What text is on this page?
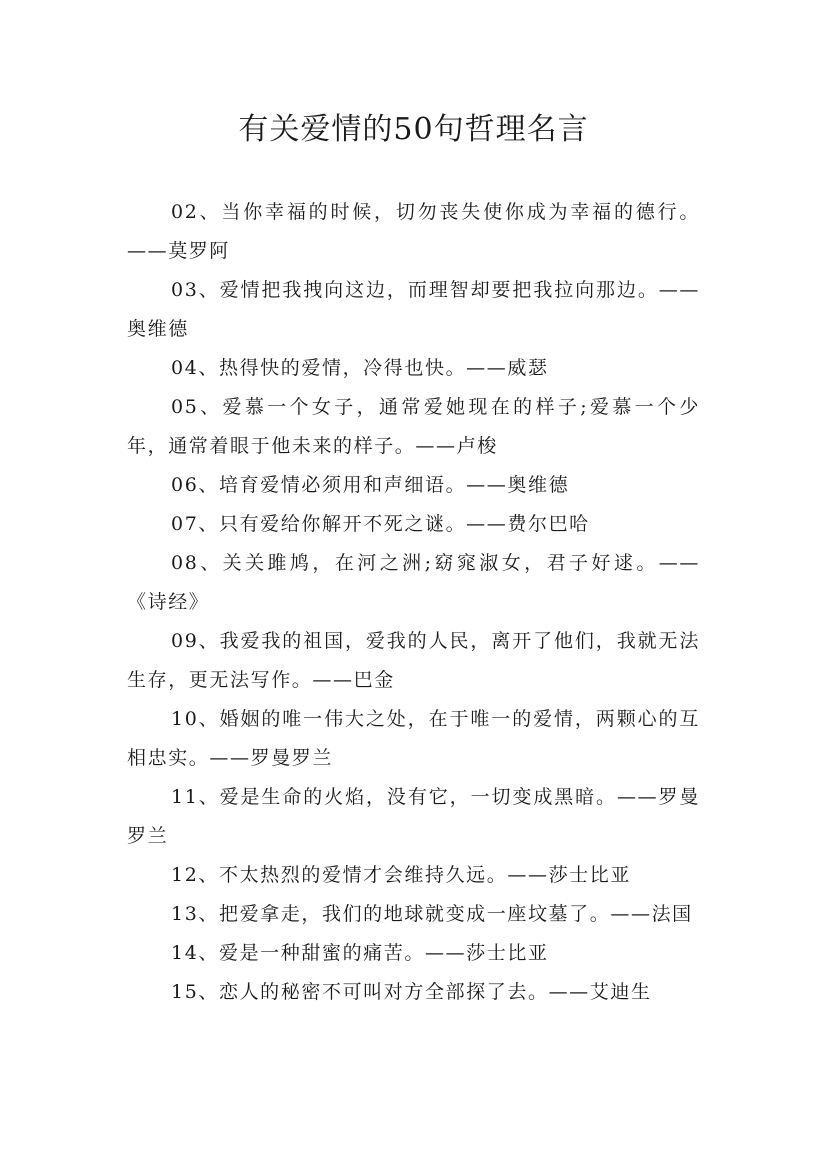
有关爱情的50句哲理名言

02、当你幸福的时候，切勿丧失使你成为幸福的德行。——莫罗阿

03、爱情把我拽向这边，而理智却要把我拉向那边。——奥维德

04、热得快的爱情，冷得也快。——威瑟

05、爱慕一个女子，通常爱她现在的样子;爱慕一个少年，通常着眼于他未来的样子。——卢梭

06、培育爱情必须用和声细语。——奥维德

07、只有爱给你解开不死之谜。——费尔巴哈

08、关关雎鸠，在河之洲;窈窕淑女，君子好逑。——《诗经》

09、我爱我的祖国，爱我的人民，离开了他们，我就无法生存，更无法写作。——巴金

10、婚姻的唯一伟大之处，在于唯一的爱情，两颗心的互相忠实。——罗曼罗兰

11、爱是生命的火焰，没有它，一切变成黑暗。——罗曼罗兰

12、不太热烈的爱情才会维持久远。——莎士比亚

13、把爱拿走，我们的地球就变成一座坟墓了。——法国

14、爱是一种甜蜜的痛苦。——莎士比亚

15、恋人的秘密不可叫对方全部探了去。——艾迪生
